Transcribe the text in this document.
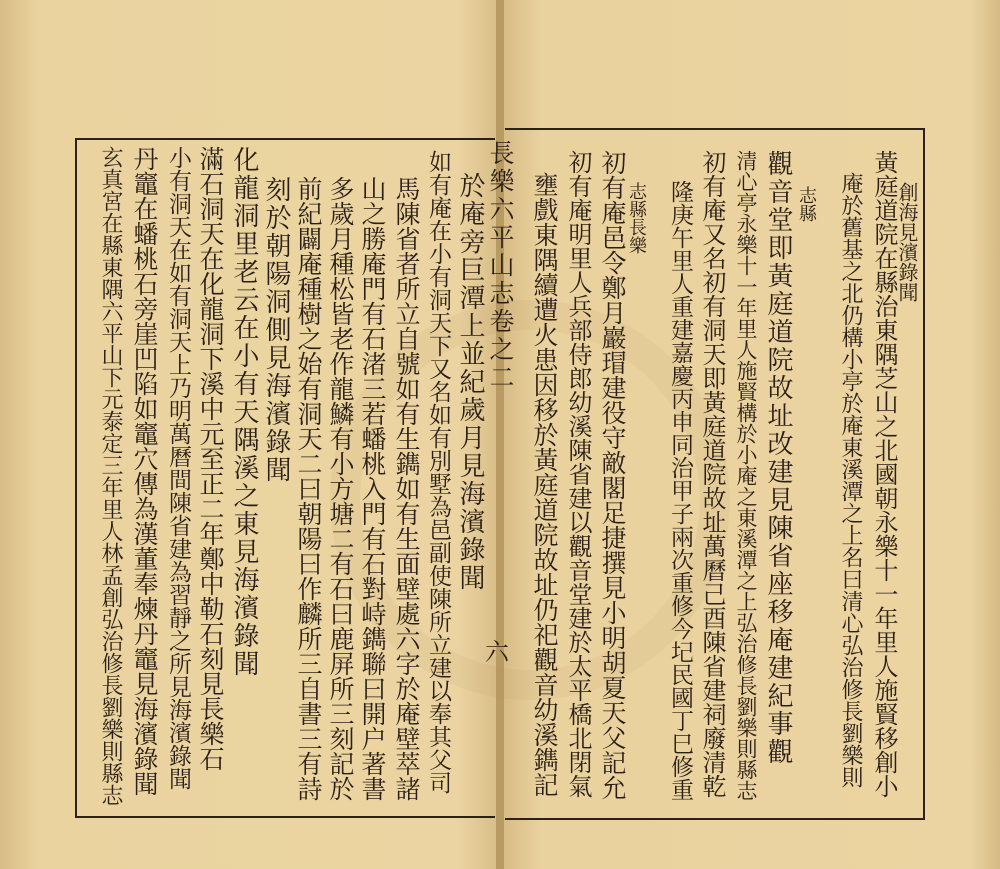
長樂六平山志卷之二
六
創海見濱錄聞
黃庭道院在縣治東隅芝山之北國朝永樂十一年里人施賢移創小
庵於舊基之北仍構小亭於庵東溪潭之上名曰清心弘治修長劉樂則
志縣
觀音堂即黃庭道院故址改建見陳省座移庵建紀事觀
清心亭永樂十一年里人施賢構於小庵之東溪潭之上弘治修長劉樂則縣志
初有庵又名初有洞天即黃庭道院故址萬曆己酉陳省建祠廢清乾
隆庚午里人重建嘉慶丙申同治甲子兩次重修今圮民國丁巳修重
志縣長樂
初有庵邑令鄭月巖瑁建役守敵閣足捷撰見小明胡夏天父記允
初有庵明里人兵部侍郎幼溪陳省建以觀音堂建於太平橋北閉氣
壅戲東隅續遭火患因移於黃庭道院故址仍祀觀音幼溪鐫記
於庵旁巨潭上並紀歲月見海濱錄聞
如有庵在小有洞天下又名如有別墅為邑副使陳所立建以奉其父司
馬陳省者所立自號如有生鐫如有生面壁處六字於庵壁萃諸
山之勝庵門有石渚三若蟠桃入門有石對峙鐫聯曰開户著書
多歲月種松皆老作龍鱗有小方塘二有石曰鹿屏所三刻記於
前紀闢庵種樹之始有洞天二曰朝陽曰作麟所三自書三有詩
刻於朝陽洞側見海濱錄聞
化龍洞里老云在小有天隅溪之東見海濱錄聞
滿石洞天在化龍洞下溪中元至正二年鄭中勒石刻見長樂石
小有洞天在如有洞天上乃明萬曆間陳省建為習靜之所見海濱錄聞
丹竈在蟠桃石旁崖凹陷如竈穴傳為漢董奉煉丹竈見海濱錄聞
玄真宮在縣東隅六平山下元泰定三年里人林孟創弘治修長劉樂則縣志
